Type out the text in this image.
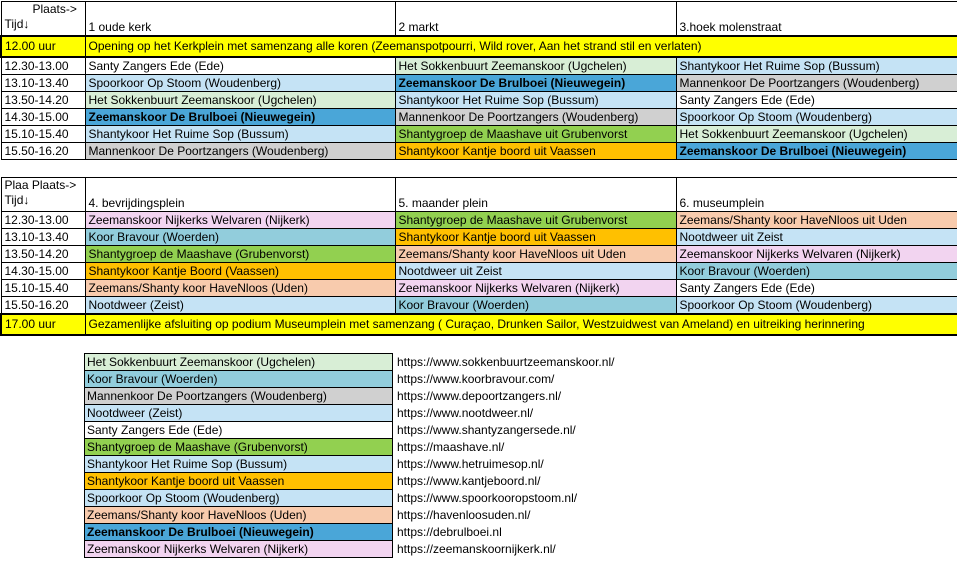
Plaats->
Tijd↓	1 oude kerk	2 markt	3.hoek molenstraat
12.00 uur	Opening op het Kerkplein met samenzang alle koren (Zeemanspotpourri, Wild rover, Aan het strand stil en verlaten)		
12.30-13.00	Santy Zangers Ede (Ede)	Het Sokkenbuurt Zeemanskoor (Ugchelen)	Shantykoor Het Ruime Sop (Bussum)
13.10-13.40	Spoorkoor Op Stoom (Woudenberg)	Zeemanskoor De Brulboei (Nieuwegein)	Mannenkoor De Poortzangers (Woudenberg)
13.50-14.20	Het Sokkenbuurt Zeemanskoor (Ugchelen)	Shantykoor Het Ruime Sop (Bussum)	Santy Zangers Ede (Ede)
14.30-15.00	Zeemanskoor De Brulboei (Nieuwegein)	Mannenkoor De Poortzangers (Woudenberg)	Spoorkoor Op Stoom (Woudenberg)
15.10-15.40	Shantykoor Het Ruime Sop (Bussum)	Shantygroep de Maashave uit Grubenvorst	Het Sokkenbuurt Zeemanskoor (Ugchelen)
15.50-16.20	Mannenkoor De Poortzangers (Woudenberg)	Shantykoor Kantje boord uit Vaassen	Zeemanskoor De Brulboei (Nieuwegein)
Plaa Plaats->
Tijd↓	4. bevrijdingsplein	5. maander plein	6. museumplein
12.30-13.00	Zeemanskoor Nijkerks Welvaren (Nijkerk)	Shantygroep de Maashave uit Grubenvorst	Zeemans/Shanty koor HaveNloos uit Uden
13.10-13.40	Koor Bravour (Woerden)	Shantykoor Kantje boord uit Vaassen	Nootdweer uit Zeist
13.50-14.20	Shantygroep de Maashave (Grubenvorst)	Zeemans/Shanty koor HaveNloos uit Uden	Zeemanskoor Nijkerks Welvaren (Nijkerk)
14.30-15.00	Shantykoor Kantje Boord (Vaassen)	Nootdweer uit Zeist	Koor Bravour (Woerden)
15.10-15.40	Zeemans/Shanty koor HaveNloos (Uden)	Zeemanskoor Nijkerks Welvaren (Nijkerk)	Santy Zangers Ede (Ede)
15.50-16.20	Nootdweer (Zeist)	Koor Bravour (Woerden)	Spoorkoor Op Stoom (Woudenberg)
17.00 uur	Gezamenlijke afsluiting op podium Museumplein met samenzang ( Curaçao, Drunken Sailor, Westzuidwest van Ameland) en uitreiking herinnering		
Het Sokkenbuurt Zeemanskoor (Ugchelen)	https://www.sokkenbuurtzeemanskoor.nl/
Koor Bravour (Woerden)	https://www.koorbravour.com/
Mannenkoor De Poortzangers (Woudenberg)	https://www.depoortzangers.nl/
Nootdweer (Zeist)	https://www.nootdweer.nl/
Santy Zangers Ede (Ede)	https://www.shantyzangersede.nl/
Shantygroep de Maashave (Grubenvorst)	https://maashave.nl/
Shantykoor Het Ruime Sop (Bussum)	https://www.hetruimesop.nl/
Shantykoor Kantje boord uit Vaassen	https://www.kantjeboord.nl/
Spoorkoor Op Stoom (Woudenberg)	https://www.spoorkooropstoom.nl/
Zeemans/Shanty koor HaveNloos (Uden)	https://havenloosuden.nl/
Zeemanskoor De Brulboei (Nieuwegein)	https://debrulboei.nl
Zeemanskoor Nijkerks Welvaren (Nijkerk)	https://zeemanskoornijkerk.nl/
